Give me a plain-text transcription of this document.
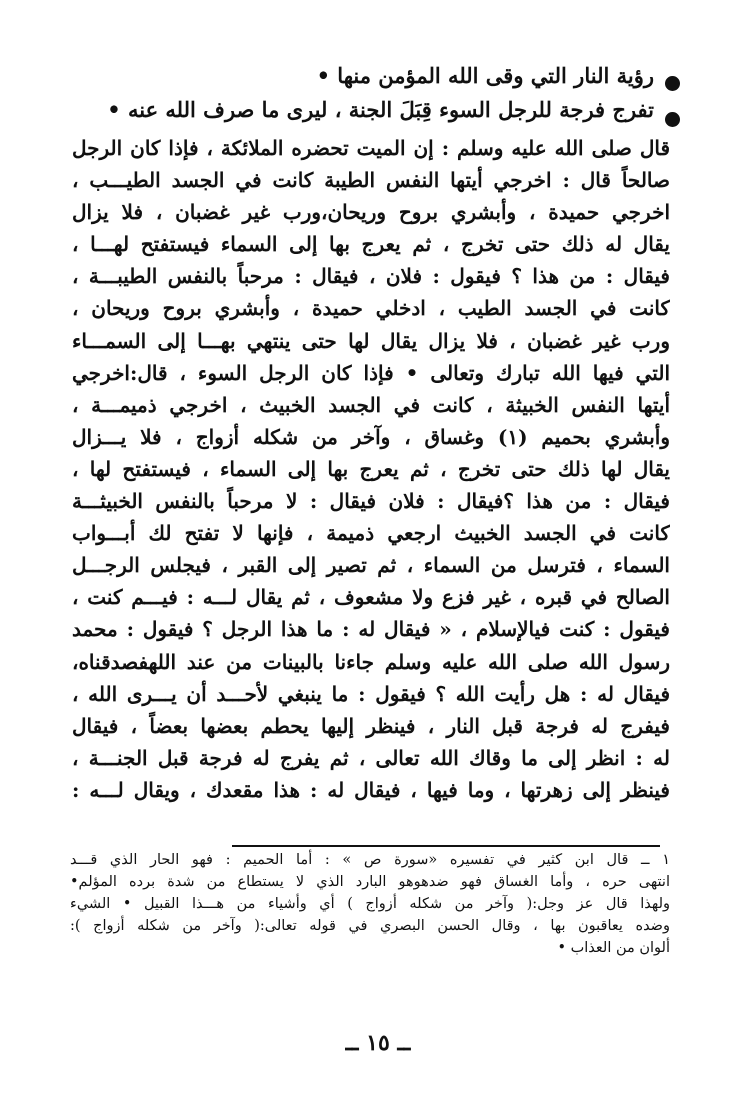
رؤية النار التي وقى الله المؤمن منها •
تفرج فرجة للرجل السوء قِبَلَ الجنة ، ليرى ما صرف الله عنه •
قال صلى الله عليه وسلم : إن الميت تحضره الملائكة ، فإذا كان الرجل
صالحاً قال : اخرجي أيتها النفس الطيبة كانت في الجسد الطيـــب ،
اخرجي حميدة ، وأبشري بروح وريحان،ورب غير غضبان ، فلا يزال
يقال له ذلك حتى تخرج ، ثم يعرج بها إلى السماء فيستفتح لهـــا ،
فيقال : من هذا ؟ فيقول : فلان ، فيقال : مرحباً بالنفس الطيبـــة ،
كانت في الجسد الطيب ، ادخلي حميدة ، وأبشري بروح وريحان ،
ورب غير غضبان ، فلا يزال يقال لها حتى ينتهي بهـــا إلى السمـــاء
التي فيها الله تبارك وتعالى • فإذا كان الرجل السوء ، قال:اخرجي
أيتها النفس الخبيثة ، كانت في الجسد الخبيث ، اخرجي ذميمـــة ،
وأبشري بحميم (١) وغساق ، وآخر من شكله أزواج ، فلا يـــزال
يقال لها ذلك حتى تخرج ، ثم يعرج بها إلى السماء ، فيستفتح لها ،
فيقال : من هذا ؟فيقال : فلان فيقال : لا مرحباً بالنفس الخبيثـــة
كانت في الجسد الخبيث ارجعي ذميمة ، فإنها لا تفتح لك أبـــواب
السماء ، فترسل من السماء ، ثم تصير إلى القبر ، فيجلس الرجـــل
الصالح في قبره ، غير فزع ولا مشعوف ، ثم يقال لـــه : فيـــم كنت ،
فيقول : كنت فيالإسلام ، « فيقال له : ما هذا الرجل ؟ فيقول : محمد
رسول الله صلى الله عليه وسلم جاءنا بالبينات من عند اللهفصدقناه،
فيقال له : هل رأيت الله ؟ فيقول : ما ينبغي لأحـــد أن يـــرى الله ،
فيفرج له فرجة قبل النار ، فينظر إليها يحطم بعضها بعضاً ، فيقال
له : انظر إلى ما وقاك الله تعالى ، ثم يفرج له فرجة قبل الجنـــة ،
فينظر إلى زهرتها ، وما فيها ، فيقال له : هذا مقعدك ، ويقال لـــه :
١ ــ قال ابن كثير في تفسيره «سورة ص » : أما الحميم : فهو الحار الذي قـــد
انتهى حره ، وأما الغساق فهو ضدهوهو البارد الذي لا يستطاع من شدة برده المؤلم•
ولهذا قال عز وجل:( وآخر من شكله أزواج ) أي وأشياء من هـــذا القبيل • الشيء
وضده يعاقبون بها ، وقال الحسن البصري في قوله تعالى:( وآخر من شكله أزواج ):
ألوان من العذاب •
ــ ١٥ ــ
